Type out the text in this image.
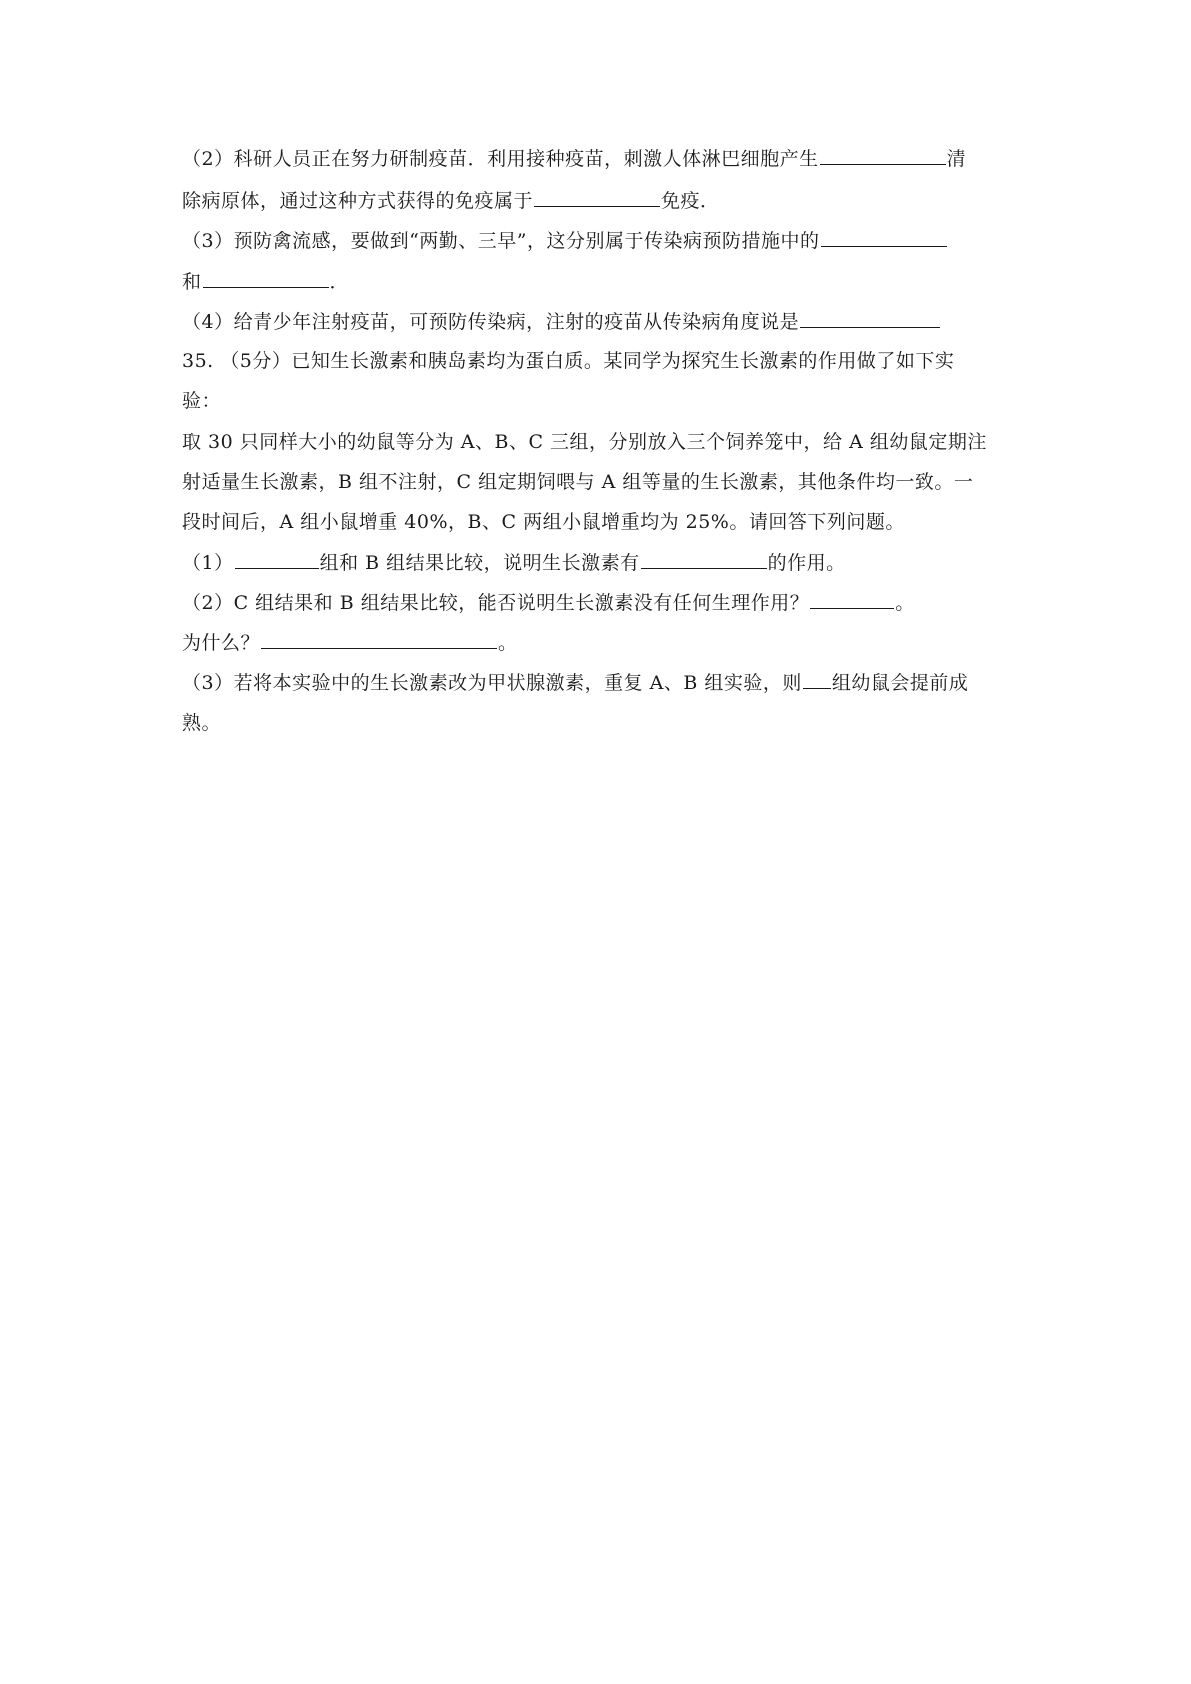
（2）科研人员正在努力研制疫苗．利用接种疫苗，刺激人体淋巴细胞产生	清
除病原体，通过这种方式获得的免疫属于	免疫．
（3）预防禽流感，要做到“两勤、三早”，这分别属于传染病预防措施中的
和	．
（4）给青少年注射疫苗，可预防传染病，注射的疫苗从传染病角度说是
35. （5分）已知生长激素和胰岛素均为蛋白质。某同学为探究生长激素的作用做了如下实
验：
取 30 只同样大小的幼鼠等分为 A、B、C 三组，分别放入三个饲养笼中，给 A 组幼鼠定期注
射适量生长激素，B 组不注射，C 组定期饲喂与 A 组等量的生长激素，其他条件均一致。一
段时间后，A 组小鼠增重 40%，B、C 两组小鼠增重均为 25%。请回答下列问题。
（1）	组和 B 组结果比较，说明生长激素有	的作用。
（2）C 组结果和 B 组结果比较，能否说明生长激素没有任何生理作用？	。
为什么？	。
（3）若将本实验中的生长激素改为甲状腺激素，重复 A、B 组实验，则 组幼鼠会提前成
熟。
